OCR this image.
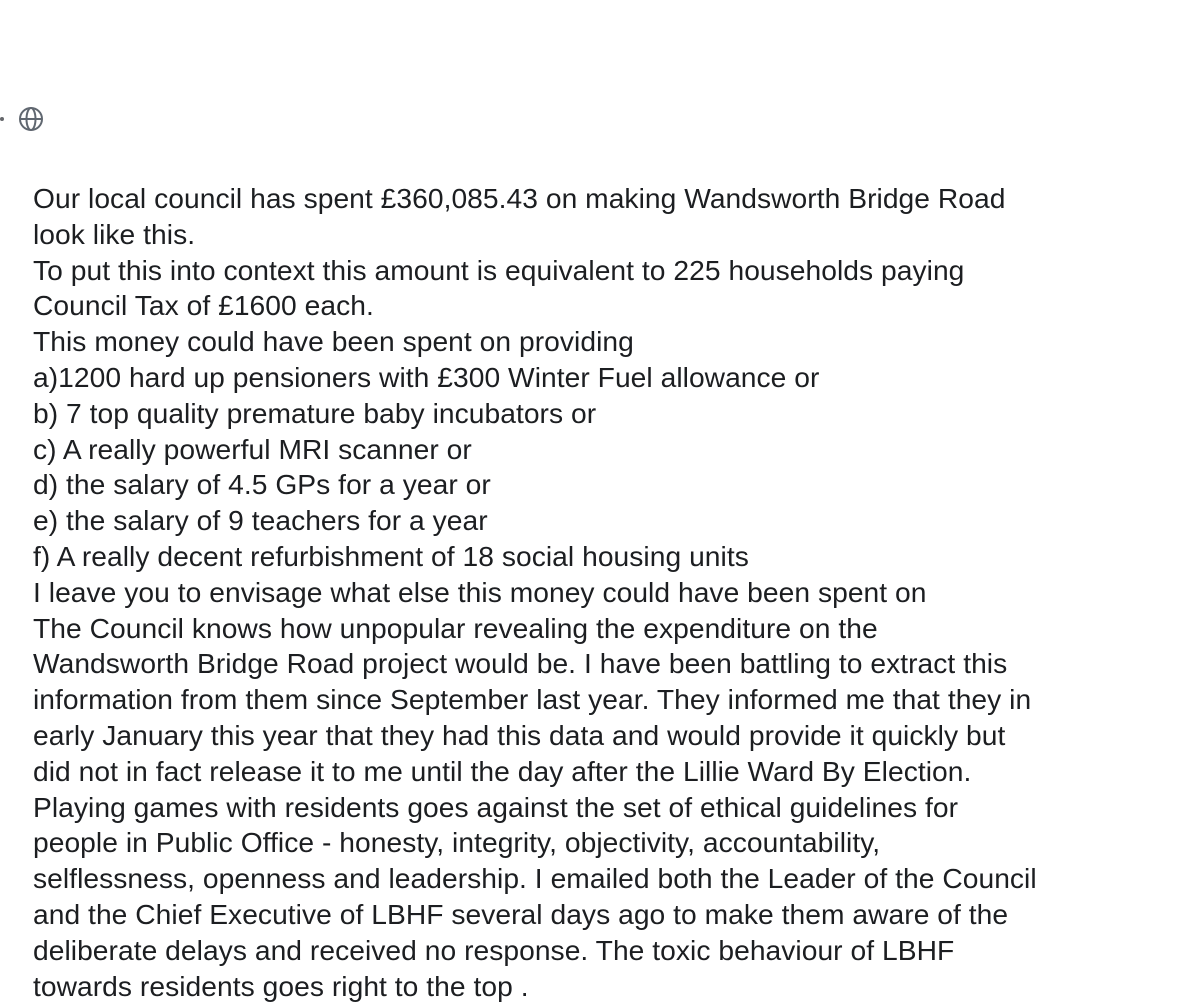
Our local council has spent £360,085.43 on making Wandsworth Bridge Road

look like this.

To put this into context this amount is equivalent to 225 households paying

Council Tax of £1600 each.

This money could have been spent on providing

a)1200 hard up pensioners with £300 Winter Fuel allowance or

b) 7 top quality premature baby incubators or

c) A really powerful MRI scanner or

d) the salary of 4.5 GPs for a year or

e) the salary of 9 teachers for a year

f) A really decent refurbishment of 18 social housing units

I leave you to envisage what else this money could have been spent on

The Council knows how unpopular revealing the expenditure on the

Wandsworth Bridge Road project would be. I have been battling to extract this

information from them since September last year. They informed me that they in

early January this year that they had this data and would provide it quickly but

did not in fact release it to me until the day after the Lillie Ward By Election.

Playing games with residents goes against the set of ethical guidelines for

people in Public Office - honesty, integrity, objectivity, accountability,

selflessness, openness and leadership. I emailed both the Leader of the Council

and the Chief Executive of LBHF several days ago to make them aware of the

deliberate delays and received no response. The toxic behaviour of LBHF

towards residents goes right to the top .
